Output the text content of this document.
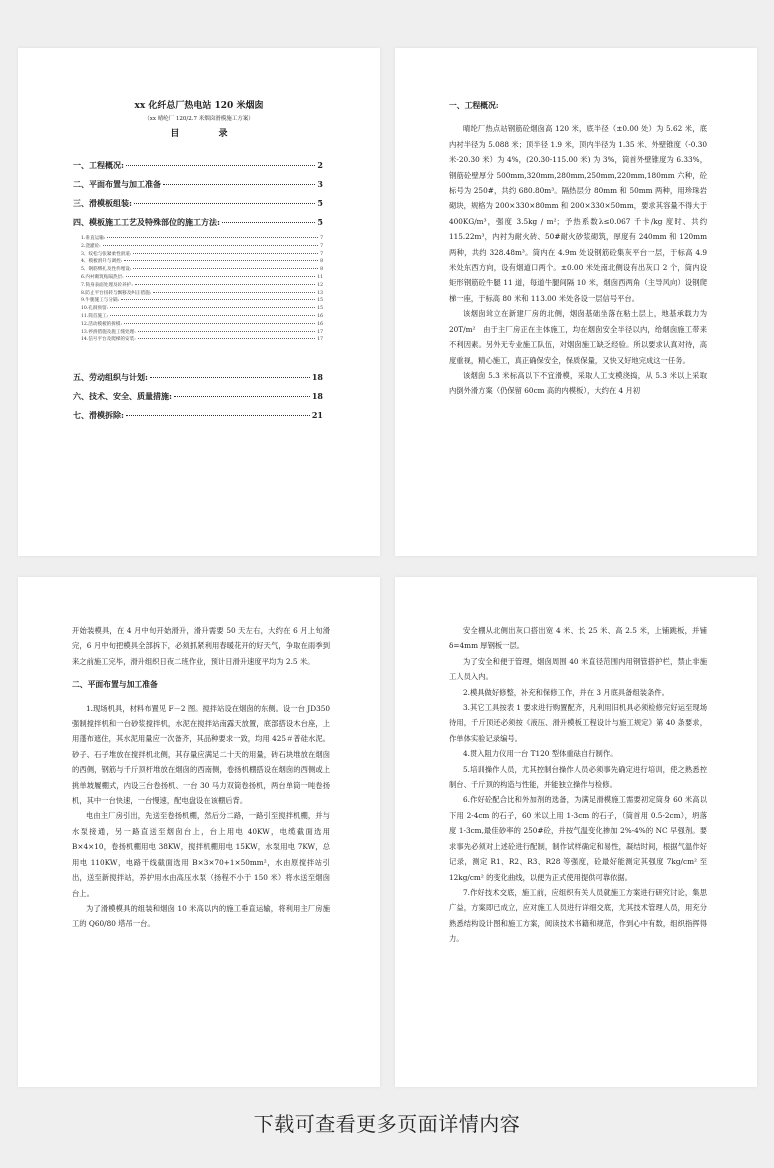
xx 化纤总厂热电站 120 米烟囱
（xx 晴纶厂 120/2.7 米烟囱滑模施工方案）
目 录
一、工程概况:	2
二、平面布置与加工准备	3
三、滑模板组装:	5
四、模板施工工艺及特殊部位的施工方法:	5
1.垂直运输:	7
2.浇灌砼:	7
3、纹松与张紧柔性滑道:	7
4、模板滑升与调控:	8
5、钢筋绑扎及性件埋设:	8
6.内衬砌筑贴隔热层:	11
7.筒身表面处理及砼养护:	12
8.防止平台扭转与飘移及纠正措施:	13
9.牛腿施工与分隔:	15
10.孔洞预留:	15
11.筒首施工:	16
12.活动模板的拆模:	16
13.停滑措施及施工缝处理:	17
14.信号平台及爬梯的安装:	17
五、劳动组织与计划:	18
六、技术、安全、质量措施:	18
七、滑模拆除:	21
一、工程概况:

晴纶厂热点站钢筋砼烟囱高 120 米，底半径（±0.00 处）为 5.62 米，底内衬半径为 5.088 米；顶半径 1.9 米，顶内半径为 1.35 米、外壁锥度（-0.30 米-20.30 米）为 4%，(20.30-115.00 米) 为 3%，筒首外壁锥度为 6.33%，钢筋砼壁厚分 500mm,320mm,280mm,250mm,220mm,180mm 六种，砼标号为 250#，共约 680.80m³。隔热层分 80mm 和 50mm 两种，用珍珠岩砌块，规格为 200×330×80mm 和 200×330×50mm，要求其容量不得大于 400KG/m³，强度 3.5kg / m²；予热系数λ≤0.067 千卡/kg 度时、共约 115.22m³，内衬为耐火砖、50#耐火砂浆砌筑，厚度有 240mm 和 120mm 两种，共约 328.48m³。筒内在 4.9m 处设钢筋砼集灰平台一层，于标高 4.9 米处东西方向，设有烟道口两个。±0.00 米处南北侧设有出灰口 2 个，筒内设矩形钢筋砼牛腿 11 道，每道牛腿间隔 10 米，烟囱西两角（主导风向）设钢爬梯一座，于标高 80 米和 113.00 米处各设一层信号平台。

该烟囱耸立在新建厂房的北侧，烟囱基础坐落在粘土层上，地基承载力为 20T/m²　由于主厂房正在主体施工，均在烟囱安全半径以内，给烟囱施工带来不利因素。另外无专业施工队伍，对烟囱施工缺乏经验。所以要求认真对待，高度重视，精心施工，真正确保安全，保质保量，又快又好地完成这一任务。

该烟囱 5.3 米标高以下不宜滑模，采取人工支模浇捣，从 5.3 米以上采取内倒外滑方案（仍保留 60cm 高的内模板），大约在 4 月初

开始装模具，在 4 月中旬开始滑升，滑升需要 50 天左右，大约在 6 月上旬滑完，6 月中旬把模具全部拆下，必须抓紧利用春暖花开的好天气，争取在雨季到来之前施工完毕，滑升组织日夜二班作业，预计日滑升速度平均为 2.5 米。

二、平面布置与加工准备

1.现场机具，材料布置见 F－2 图。搅拌站设在烟囱的东侧。设一台 JD350 强制搅拌机和一台砂浆搅拌机，水泥在搅拌站南露天放置，底部搭设木台座，上用蓬布遮住，其水泥用量应一次备齐，其品种要求一致，均用 425＃普硅水泥。砂子、石子堆放在搅拌机北侧，其存量应满足二十天的用量，砖石块堆放在烟囱的西侧，钢筋与千斤顶杆堆放在烟囱的西南侧，卷扬机棚搭设在烟囱的西侧或上挑单坡履棚式，内设三台卷扬机、一台 30 马力双筒卷扬机，两台单筒一吨卷扬机，其中一台快速，一台慢速，配电盘设在该棚后背。

电由主厂房引出，先送至卷扬机棚，然后分二路，一路引至搅拌机棚，并与水泵接通，另一路直送至烟囱台上，台上用电 40KW，电缆截面选用 B×4×10，卷扬机棚用电 38KW，搅拌机棚用电 15KW，水泵用电 7KW，总用电 110KW，电路干线截面选用 B×3×70+1×50mm²，水由原搅拌站引出，送至新搅拌站，养护用水由高压水泵（扬程不小于 150 米）将水送至烟囱台上。

为了滑模模具的组装和烟囱 10 米高以内的施工垂直运输，将利用主厂房施工的 Q60/80 塔吊一台。

安全棚从北侧出灰口搭出宽 4 米、长 25 米、高 2.5 米，上铺跳板，并铺δ=4mm 厚钢板一层。

为了安全和便于管理，烟囱周围 40 米直径范围内用钢管搭护栏，禁止非施工人员入内。

2.模具做好修整，补充和保修工作，并在 3 月底具备组装条件。

3.其它工具按表 1 要求进行购置配齐，凡利用旧机具必须检修完好运至现场待用，千斤顶还必须按《液压、滑升模板工程设计与施工规定》第 40 条要求，作单体实验记录编号。

4.贯入阻力仪用一台 T120 型体重砝自行制作。

5.培训操作人员，尤其控制台操作人员必须事先确定进行培训，使之熟悉控制台、千斤顶的构造与性能，并能独立操作与检修。

6.作好砼配合比和外加剂的选备，为满足滑模施工需要初定筒身 60 米高以下用 2-4cm 的石子，60 米以上用 1-3cm 的石子，（筒首用 0.5-2cm），坍落度 1-3cm,最佳砂率的 250#砼，并按气温变化掺加 2%-4%的 NC 早强剂。要求事先必须对上述砼进行配制，制作试样确定和易性，凝结时间，根据气温作好记录，测定 R1、R2、R3、R28 等强度，砼最好能测定其强度 7kg/cm² 至 12kg/cm² 的变化曲线，以便为正式使用提供可靠依据。

7.作好技术交底，施工前，应组织有关人员就施工方案进行研究讨论，集思广益，方案即已成立，应对施工人员进行详细交底，尤其技术管理人员，用充分熟悉结构设计图和施工方案，阅读技术书籍和规范，作到心中有数，组织指挥得力。

下载可查看更多页面详情内容
